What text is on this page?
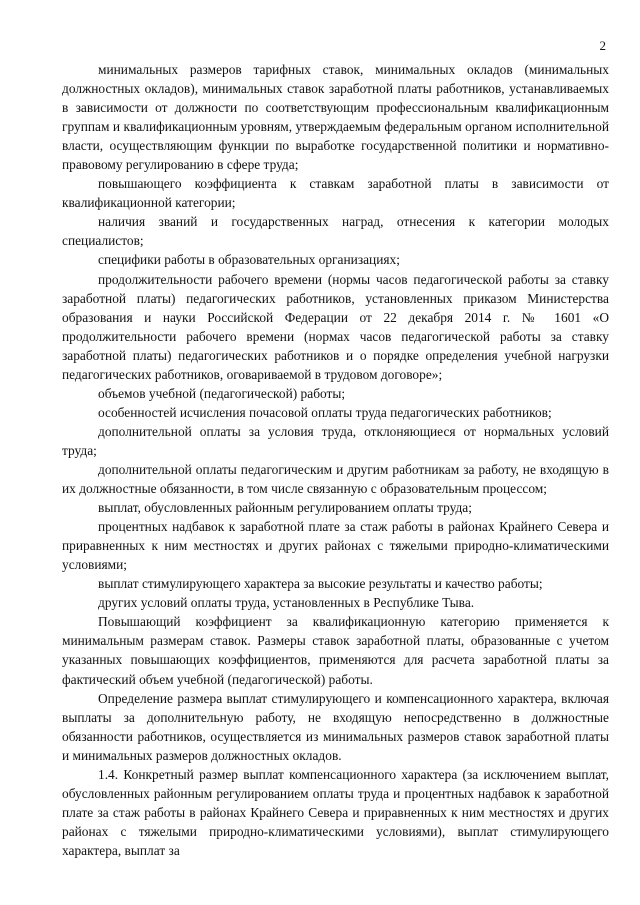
2

минимальных размеров тарифных ставок, минимальных окладов (минимальных должностных окладов), минимальных ставок заработной платы работников, устанавливаемых в зависимости от должности по соответствующим профессиональным квалификационным группам и квалификационным уровням, утверждаемым федеральным органом исполнительной власти, осуществляющим функции по выработке государственной политики и нормативно-правовому регулированию в сфере труда;

повышающего коэффициента к ставкам заработной платы в зависимости от квалификационной категории;

наличия званий и государственных наград, отнесения к категории молодых специалистов;

специфики работы в образовательных организациях;

продолжительности рабочего времени (нормы часов педагогической работы за ставку заработной платы) педагогических работников, установленных приказом Министерства образования и науки Российской Федерации от 22 декабря 2014 г. № 1601 «О продолжительности рабочего времени (нормах часов педагогической работы за ставку заработной платы) педагогических работников и о порядке определения учебной нагрузки педагогических работников, оговариваемой в трудовом договоре»;

объемов учебной (педагогической) работы;

особенностей исчисления почасовой оплаты труда педагогических работников;

дополнительной оплаты за условия труда, отклоняющиеся от нормальных условий труда;

дополнительной оплаты педагогическим и другим работникам за работу, не входящую в их должностные обязанности, в том числе связанную с образовательным процессом;

выплат, обусловленных районным регулированием оплаты труда;

процентных надбавок к заработной плате за стаж работы в районах Крайнего Севера и приравненных к ним местностях и других районах с тяжелыми природно-климатическими условиями;

выплат стимулирующего характера за высокие результаты и качество работы;

других условий оплаты труда, установленных в Республике Тыва.

Повышающий коэффициент за квалификационную категорию применяется к минимальным размерам ставок. Размеры ставок заработной платы, образованные с учетом указанных повышающих коэффициентов, применяются для расчета заработной платы за фактический объем учебной (педагогической) работы.

Определение размера выплат стимулирующего и компенсационного характера, включая выплаты за дополнительную работу, не входящую непосредственно в должностные обязанности работников, осуществляется из минимальных размеров ставок заработной платы и минимальных размеров должностных окладов.

1.4. Конкретный размер выплат компенсационного характера (за исключением выплат, обусловленных районным регулированием оплаты труда и процентных надбавок к заработной плате за стаж работы в районах Крайнего Севера и приравненных к ним местностях и других районах с тяжелыми природно-климатическими условиями), выплат стимулирующего характера, выплат за
